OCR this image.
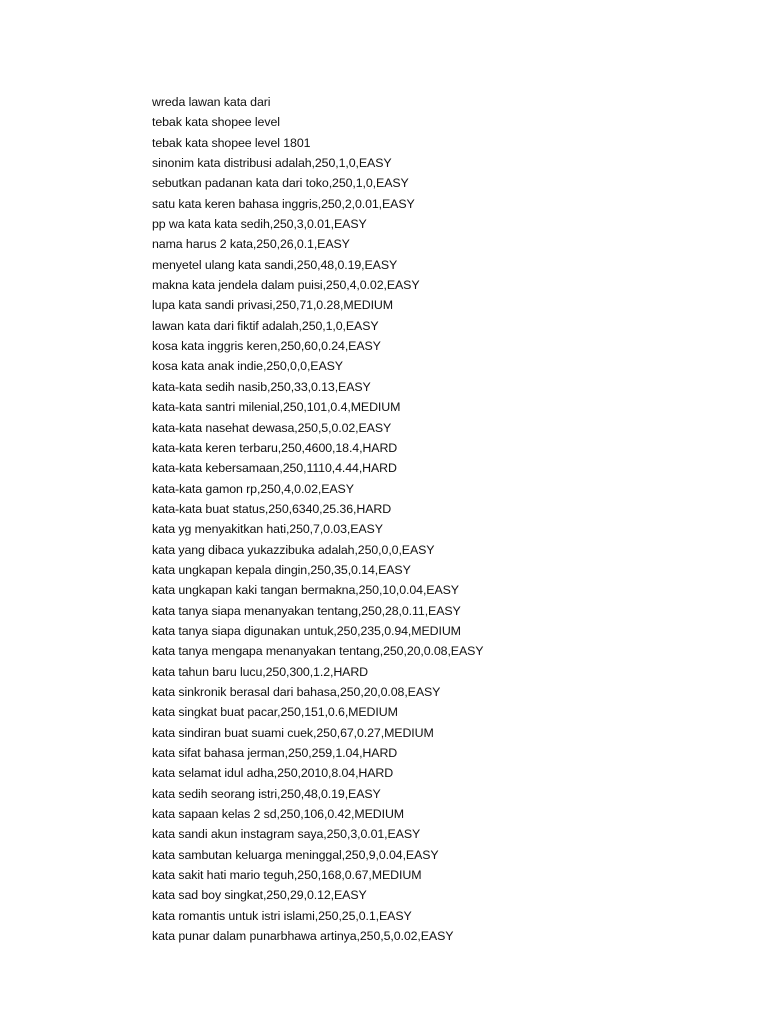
wreda lawan kata dari
tebak kata shopee level
tebak kata shopee level 1801
sinonim kata distribusi adalah,250,1,0,EASY
sebutkan padanan kata dari toko,250,1,0,EASY
satu kata keren bahasa inggris,250,2,0.01,EASY
pp wa kata kata sedih,250,3,0.01,EASY
nama harus 2 kata,250,26,0.1,EASY
menyetel ulang kata sandi,250,48,0.19,EASY
makna kata jendela dalam puisi,250,4,0.02,EASY
lupa kata sandi privasi,250,71,0.28,MEDIUM
lawan kata dari fiktif adalah,250,1,0,EASY
kosa kata inggris keren,250,60,0.24,EASY
kosa kata anak indie,250,0,0,EASY
kata-kata sedih nasib,250,33,0.13,EASY
kata-kata santri milenial,250,101,0.4,MEDIUM
kata-kata nasehat dewasa,250,5,0.02,EASY
kata-kata keren terbaru,250,4600,18.4,HARD
kata-kata kebersamaan,250,1110,4.44,HARD
kata-kata gamon rp,250,4,0.02,EASY
kata-kata buat status,250,6340,25.36,HARD
kata yg menyakitkan hati,250,7,0.03,EASY
kata yang dibaca yukazzibuka adalah,250,0,0,EASY
kata ungkapan kepala dingin,250,35,0.14,EASY
kata ungkapan kaki tangan bermakna,250,10,0.04,EASY
kata tanya siapa menanyakan tentang,250,28,0.11,EASY
kata tanya siapa digunakan untuk,250,235,0.94,MEDIUM
kata tanya mengapa menanyakan tentang,250,20,0.08,EASY
kata tahun baru lucu,250,300,1.2,HARD
kata sinkronik berasal dari bahasa,250,20,0.08,EASY
kata singkat buat pacar,250,151,0.6,MEDIUM
kata sindiran buat suami cuek,250,67,0.27,MEDIUM
kata sifat bahasa jerman,250,259,1.04,HARD
kata selamat idul adha,250,2010,8.04,HARD
kata sedih seorang istri,250,48,0.19,EASY
kata sapaan kelas 2 sd,250,106,0.42,MEDIUM
kata sandi akun instagram saya,250,3,0.01,EASY
kata sambutan keluarga meninggal,250,9,0.04,EASY
kata sakit hati mario teguh,250,168,0.67,MEDIUM
kata sad boy singkat,250,29,0.12,EASY
kata romantis untuk istri islami,250,25,0.1,EASY
kata punar dalam punarbhawa artinya,250,5,0.02,EASY
